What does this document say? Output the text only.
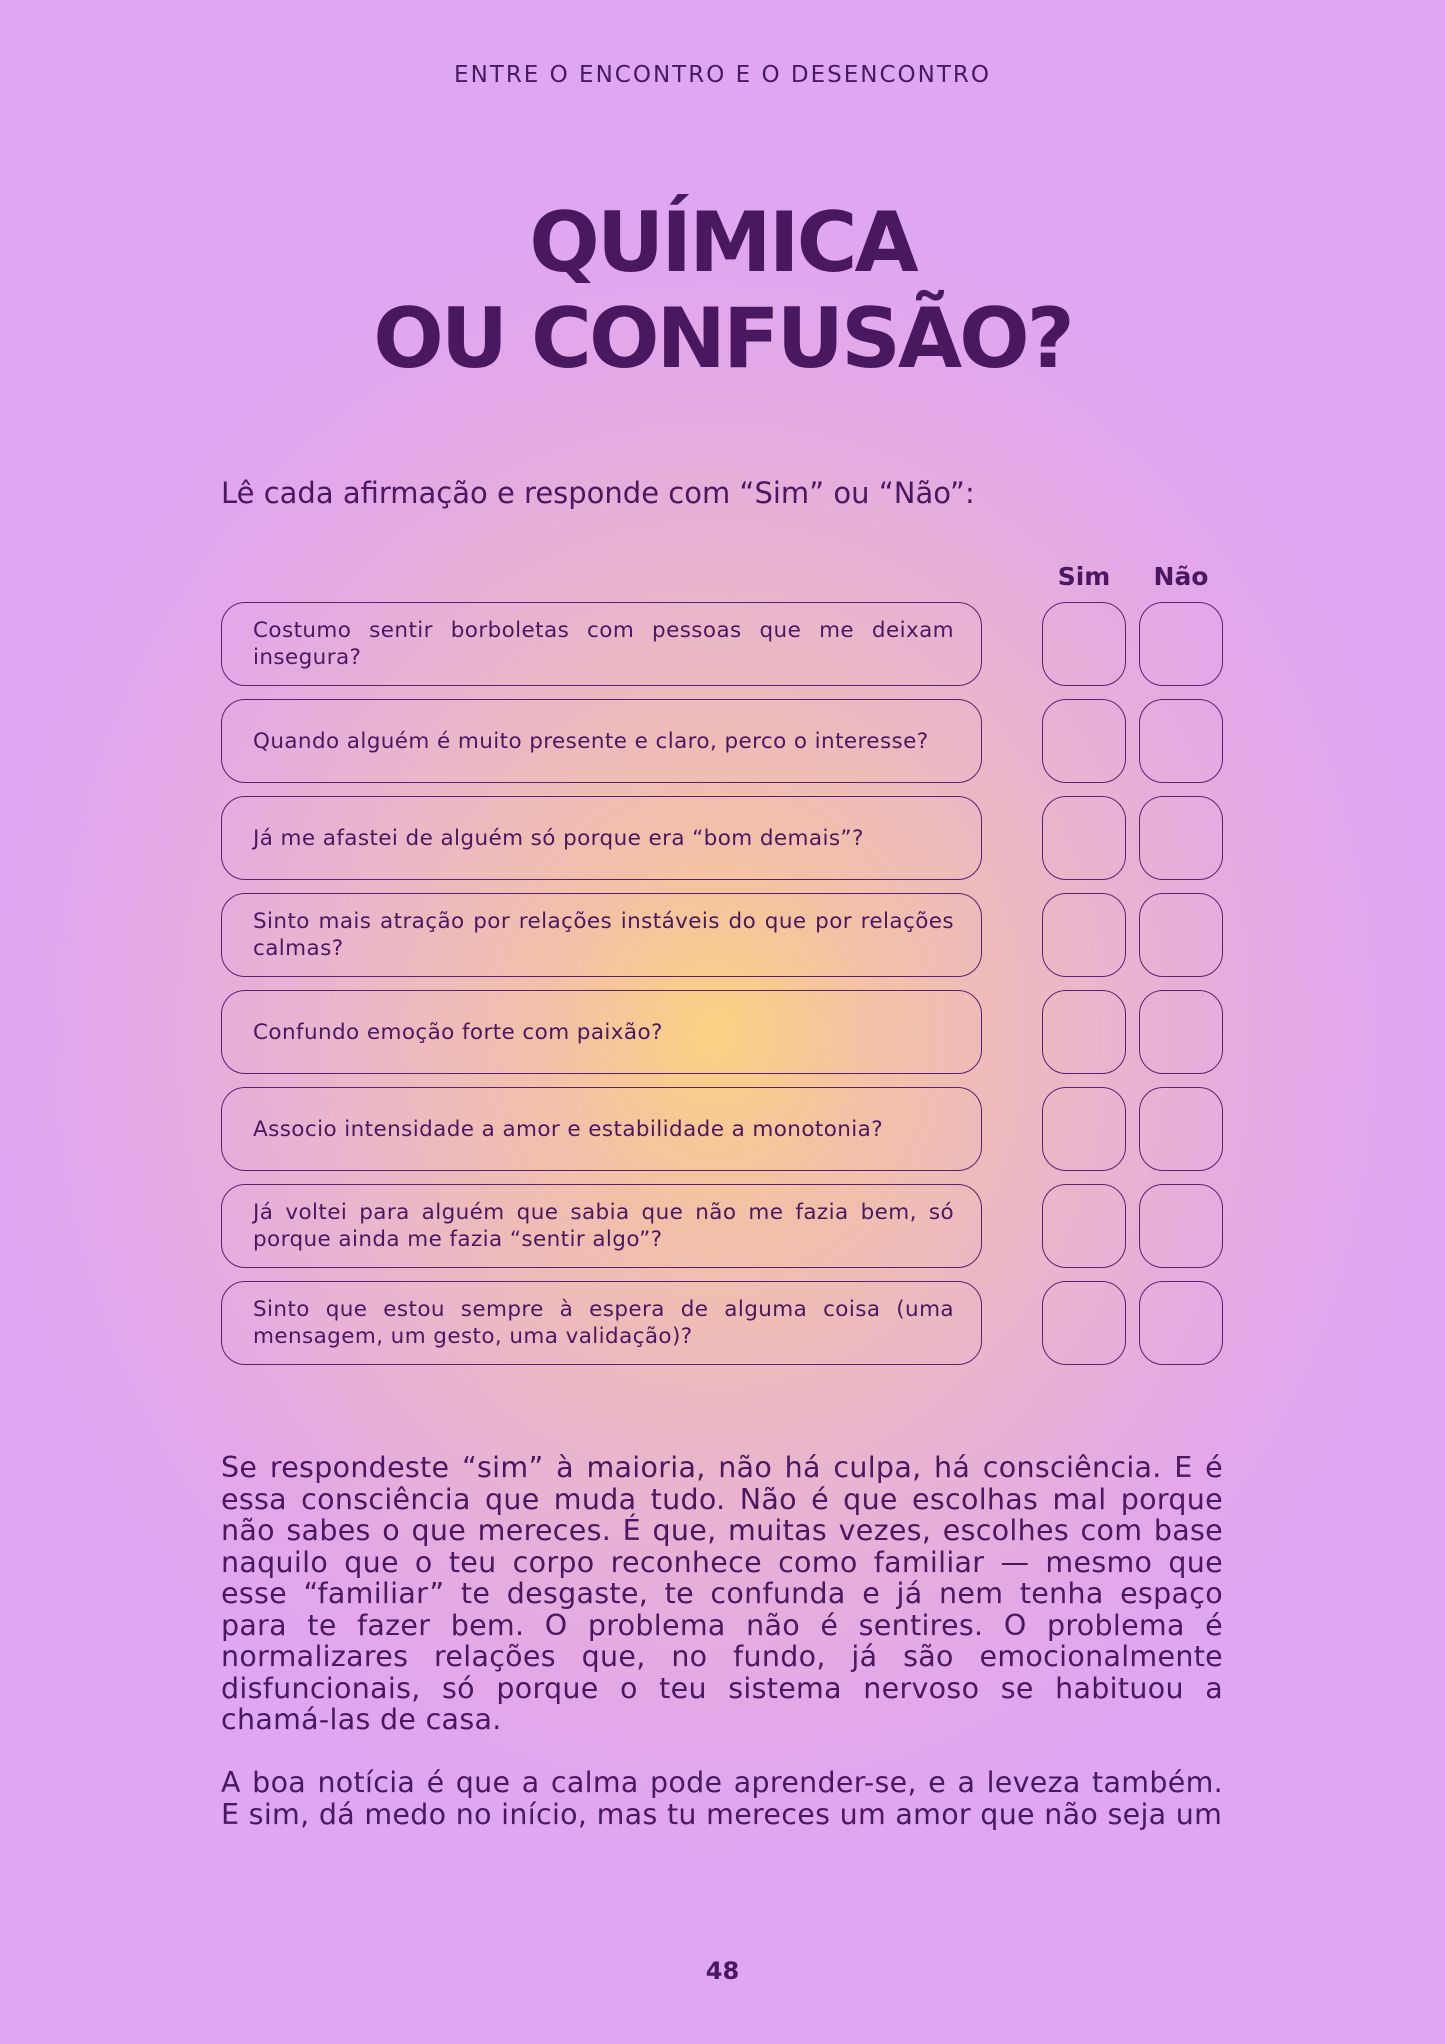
ENTRE O ENCONTRO E O DESENCONTRO
QUÍMICA
OU CONFUSÃO?
Lê cada afirmação e responde com “Sim” ou “Não”:
Sim	Não
Costumo sentir borboletas com pessoas que me deixam insegura?
Quando alguém é muito presente e claro, perco o interesse?
Já me afastei de alguém só porque era “bom demais”?
Sinto mais atração por relações instáveis do que por relações calmas?
Confundo emoção forte com paixão?
Associo intensidade a amor e estabilidade a monotonia?
Já voltei para alguém que sabia que não me fazia bem, só porque ainda me fazia “sentir algo”?
Sinto que estou sempre à espera de alguma coisa (uma mensagem, um gesto, uma validação)?

Se respondeste “sim” à maioria, não há culpa, há consciência. E é essa consciência que muda tudo. Não é que escolhas mal porque não sabes o que mereces. É que, muitas vezes, escolhes com base naquilo que o teu corpo reconhece como familiar — mesmo que esse “familiar” te desgaste, te confunda e já nem tenha espaço para te fazer bem. O problema não é sentires. O problema é normalizares relações que, no fundo, já são emocionalmente disfuncionais, só porque o teu sistema nervoso se habituou a chamá-las de casa.

A boa notícia é que a calma pode aprender-se, e a leveza também. E sim, dá medo no início, mas tu mereces um amor que não seja um

48
